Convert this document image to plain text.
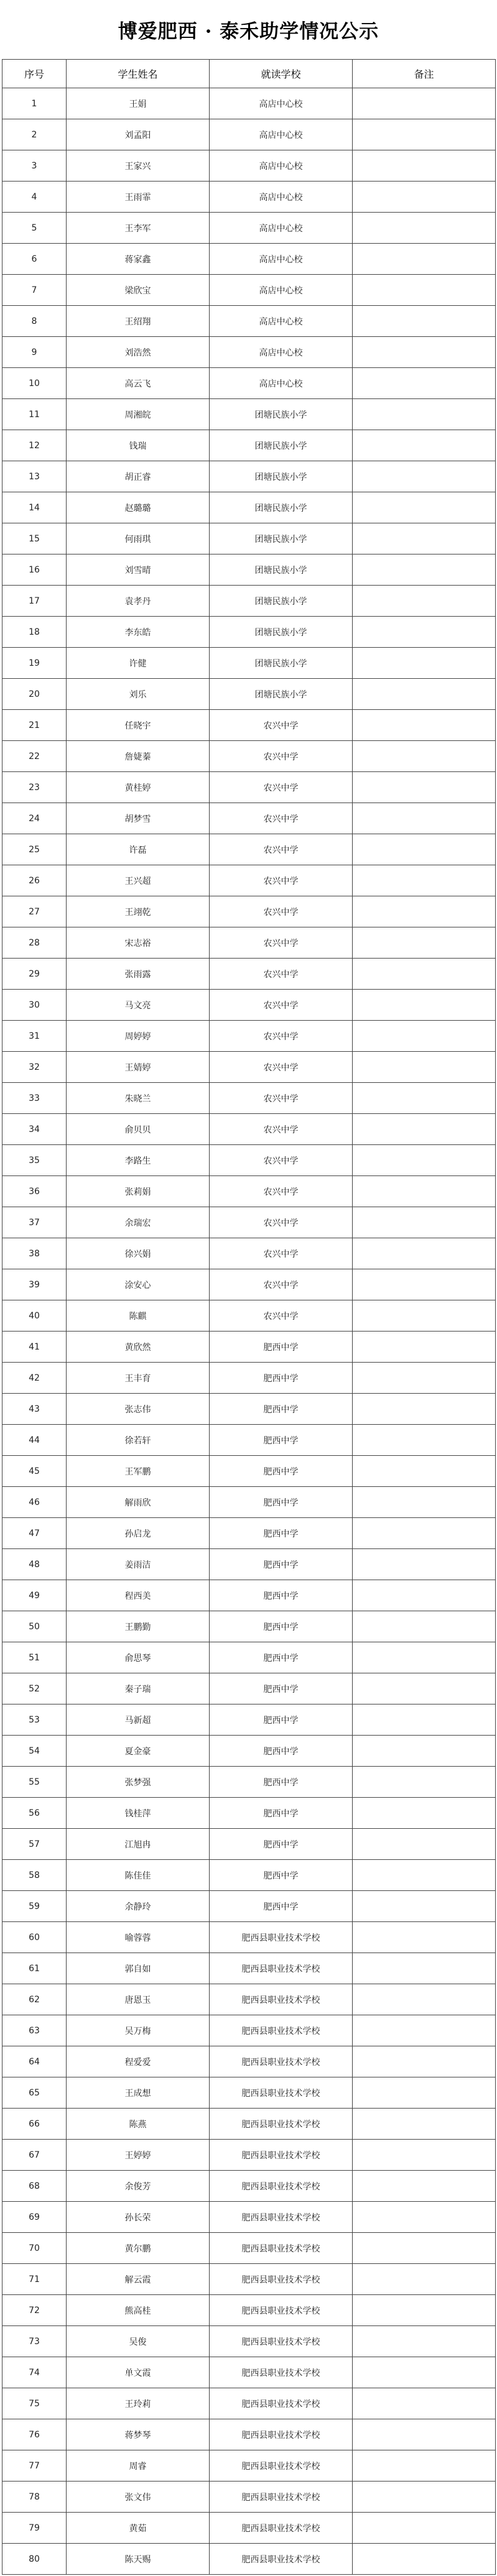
博爱肥西 · 泰禾助学情况公示
序号	学生姓名	就读学校	备注
1	王娟	高店中心校	
2	刘孟阳	高店中心校	
3	王家兴	高店中心校	
4	王雨霏	高店中心校	
5	王李军	高店中心校	
6	蒋家鑫	高店中心校	
7	梁欣宝	高店中心校	
8	王绍翔	高店中心校	
9	刘浩然	高店中心校	
10	高云飞	高店中心校	
11	周湘皖	团塘民族小学	
12	钱瑞	团塘民族小学	
13	胡正睿	团塘民族小学	
14	赵璐璐	团塘民族小学	
15	何雨琪	团塘民族小学	
16	刘雪晴	团塘民族小学	
17	袁孝丹	团塘民族小学	
18	李东皓	团塘民族小学	
19	许健	团塘民族小学	
20	刘乐	团塘民族小学	
21	任晓宇	农兴中学	
22	詹婕蓁	农兴中学	
23	黄桂婷	农兴中学	
24	胡梦雪	农兴中学	
25	许磊	农兴中学	
26	王兴超	农兴中学	
27	王翊乾	农兴中学	
28	宋志裕	农兴中学	
29	张雨露	农兴中学	
30	马文亮	农兴中学	
31	周婷婷	农兴中学	
32	王婧婷	农兴中学	
33	朱晓兰	农兴中学	
34	俞贝贝	农兴中学	
35	李路生	农兴中学	
36	张莉娟	农兴中学	
37	余瑞宏	农兴中学	
38	徐兴娟	农兴中学	
39	涂安心	农兴中学	
40	陈麒	农兴中学	
41	黄欣然	肥西中学	
42	王丰育	肥西中学	
43	张志伟	肥西中学	
44	徐若轩	肥西中学	
45	王军鹏	肥西中学	
46	解雨欣	肥西中学	
47	孙启龙	肥西中学	
48	姜雨洁	肥西中学	
49	程西美	肥西中学	
50	王鹏勤	肥西中学	
51	俞思琴	肥西中学	
52	秦子瑞	肥西中学	
53	马新超	肥西中学	
54	夏金豪	肥西中学	
55	张梦强	肥西中学	
56	钱桂萍	肥西中学	
57	江旭冉	肥西中学	
58	陈佳佳	肥西中学	
59	余静玲	肥西中学	
60	喻蓉蓉	肥西县职业技术学校	
61	郭自如	肥西县职业技术学校	
62	唐恩玉	肥西县职业技术学校	
63	吴万梅	肥西县职业技术学校	
64	程爱爱	肥西县职业技术学校	
65	王成想	肥西县职业技术学校	
66	陈燕	肥西县职业技术学校	
67	王婷婷	肥西县职业技术学校	
68	余俊芳	肥西县职业技术学校	
69	孙长荣	肥西县职业技术学校	
70	黄尔鹏	肥西县职业技术学校	
71	解云霞	肥西县职业技术学校	
72	熊高桂	肥西县职业技术学校	
73	吴俊	肥西县职业技术学校	
74	单文霞	肥西县职业技术学校	
75	王玲莉	肥西县职业技术学校	
76	蒋梦琴	肥西县职业技术学校	
77	周睿	肥西县职业技术学校	
78	张文伟	肥西县职业技术学校	
79	黄茹	肥西县职业技术学校	
80	陈天赐	肥西县职业技术学校	
